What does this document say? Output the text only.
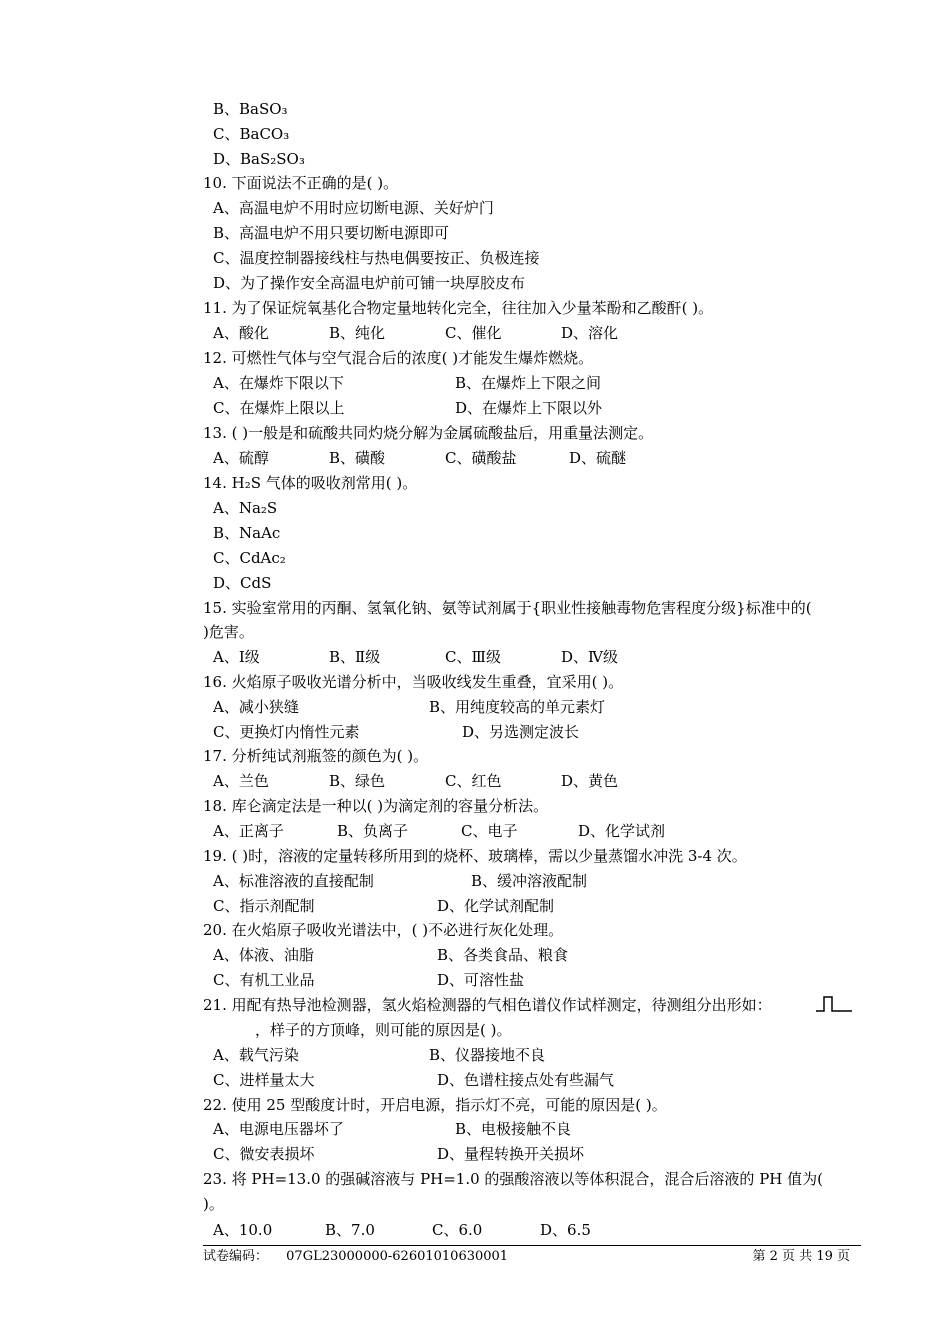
B、BaSO₃
C、BaCO₃
D、BaS₂SO₃
10. 下面说法不正确的是( )。
A、高温电炉不用时应切断电源、关好炉门
B、高温电炉不用只要切断电源即可
C、温度控制器接线柱与热电偶要按正、负极连接
D、为了操作安全高温电炉前可铺一块厚胶皮布
11. 为了保证烷氧基化合物定量地转化完全，往往加入少量苯酚和乙酸酐( )。
A、酸化	B、纯化	C、催化	D、溶化
12. 可燃性气体与空气混合后的浓度( )才能发生爆炸燃烧。
A、在爆炸下限以下	B、在爆炸上下限之间
C、在爆炸上限以上	D、在爆炸上下限以外
13. ( )一般是和硫酸共同灼烧分解为金属硫酸盐后，用重量法测定。
A、硫醇	B、磺酸	C、磺酸盐	D、硫醚
14. H₂S 气体的吸收剂常用( )。
A、Na₂S
B、NaAc
C、CdAc₂
D、CdS
15. 实验室常用的丙酮、氢氧化钠、氨等试剂属于{职业性接触毒物危害程度分级}标准中的(
)危害。
A、Ⅰ级	B、Ⅱ级	C、Ⅲ级	D、Ⅳ级
16. 火焰原子吸收光谱分析中，当吸收线发生重叠，宜采用( )。
A、减小狭缝	B、用纯度较高的单元素灯
C、更换灯内惰性元素	D、另选测定波长
17. 分析纯试剂瓶签的颜色为( )。
A、兰色	B、绿色	C、红色	D、黄色
18. 库仑滴定法是一种以( )为滴定剂的容量分析法。
A、正离子	B、负离子	C、电子	D、化学试剂
19. ( )时，溶液的定量转移所用到的烧杯、玻璃棒，需以少量蒸馏水冲洗 3-4 次。
A、标准溶液的直接配制	B、缓冲溶液配制
C、指示剂配制	D、化学试剂配制
20. 在火焰原子吸收光谱法中，( )不必进行灰化处理。
A、体液、油脂	B、各类食品、粮食
C、有机工业品	D、可溶性盐
21. 用配有热导池检测器，氢火焰检测器的气相色谱仪作试样测定，待测组分出形如：
，样子的方顶峰，则可能的原因是( )。
A、载气污染	B、仪器接地不良
C、进样量太大	D、色谱柱接点处有些漏气
22. 使用 25 型酸度计时，开启电源，指示灯不亮，可能的原因是( )。
A、电源电压器坏了	B、电极接触不良
C、微安表损坏	D、量程转换开关损坏
23. 将 PH=13.0 的强碱溶液与 PH=1.0 的强酸溶液以等体积混合，混合后溶液的 PH 值为(
)。
A、10.0	B、7.0	C、6.0	D、6.5
试卷编码： 07GL23000000-62601010630001	第 2 页 共 19 页
